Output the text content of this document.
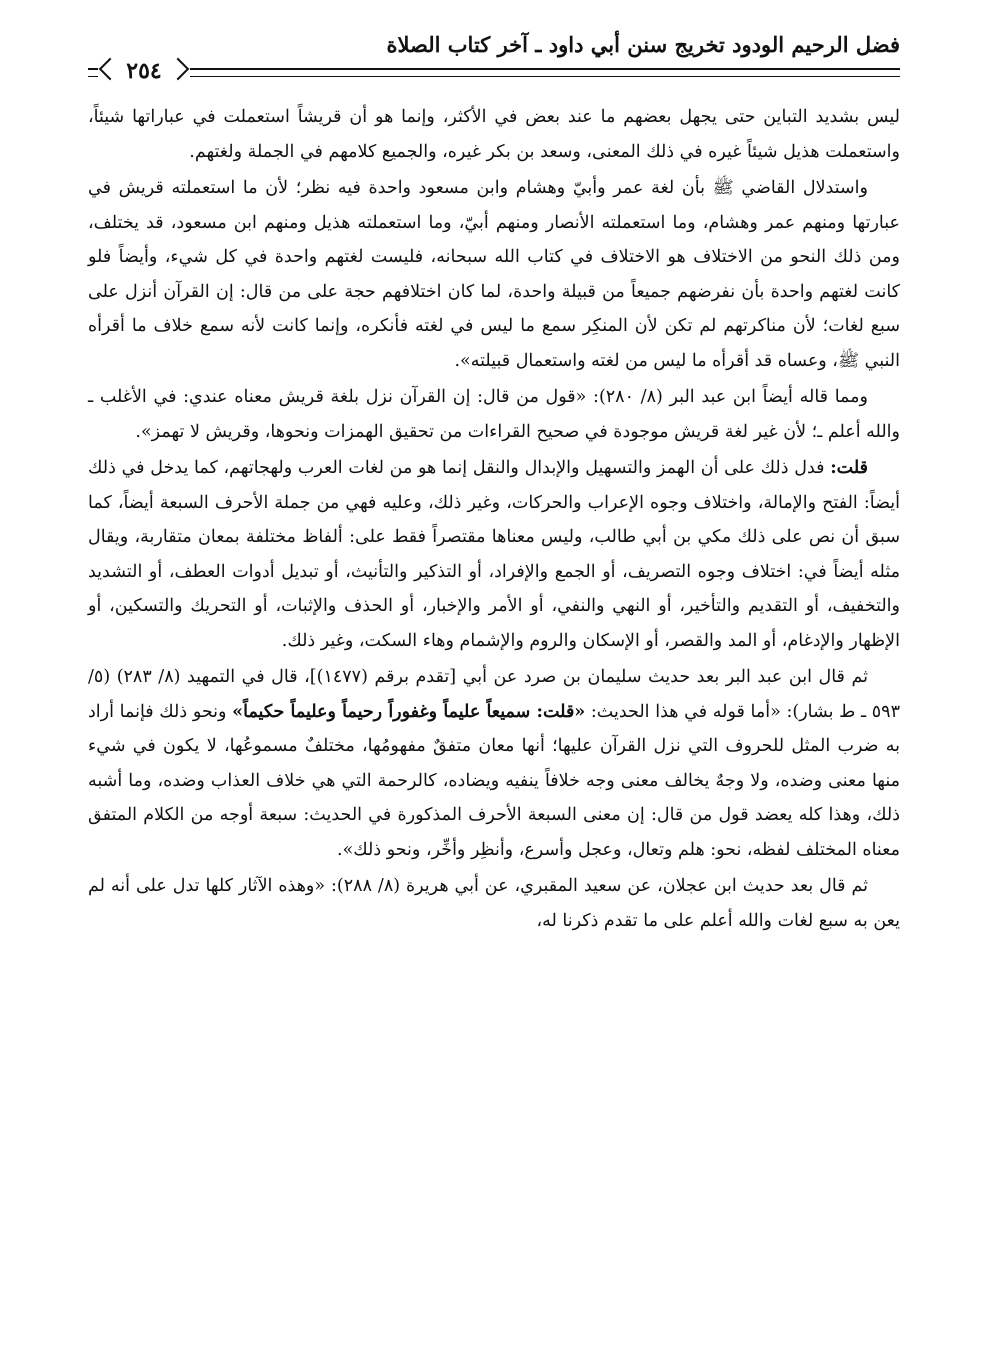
فضل الرحيم الودود تخريج سنن أبي داود ـ آخر كتاب الصلاة
٢٥٤

ليس بشديد التباين حتى يجهل بعضهم ما عند بعض في الأكثر، وإنما هو أن قريشاً استعملت في عباراتها شيئاً، واستعملت هذيل شيئاً غيره في ذلك المعنى، وسعد بن بكر غيره، والجميع كلامهم في الجملة ولغتهم.

واستدلال القاضي ﷺ بأن لغة عمر وأبيّ وهشام وابن مسعود واحدة فيه نظر؛ لأن ما استعملته قريش في عبارتها ومنهم عمر وهشام، وما استعملته الأنصار ومنهم أبيّ، وما استعملته هذيل ومنهم ابن مسعود، قد يختلف، ومن ذلك النحو من الاختلاف هو الاختلاف في كتاب الله سبحانه، فليست لغتهم واحدة في كل شيء، وأيضاً فلو كانت لغتهم واحدة بأن نفرضهم جميعاً من قبيلة واحدة، لما كان اختلافهم حجة على من قال: إن القرآن أنزل على سبع لغات؛ لأن مناكرتهم لم تكن لأن المنكِر سمع ما ليس في لغته فأنكره، وإنما كانت لأنه سمع خلاف ما أقرأه النبي ﷺ، وعساه قد أقرأه ما ليس من لغته واستعمال قبيلته».

ومما قاله أيضاً ابن عبد البر (٨/ ٢٨٠): «قول من قال: إن القرآن نزل بلغة قريش معناه عندي: في الأغلب ـ والله أعلم ـ؛ لأن غير لغة قريش موجودة في صحيح القراءات من تحقيق الهمزات ونحوها، وقريش لا تهمز».

قلت: فدل ذلك على أن الهمز والتسهيل والإبدال والنقل إنما هو من لغات العرب ولهجاتهم، كما يدخل في ذلك أيضاً: الفتح والإمالة، واختلاف وجوه الإعراب والحركات، وغير ذلك، وعليه فهي من جملة الأحرف السبعة أيضاً، كما سبق أن نص على ذلك مكي بن أبي طالب، وليس معناها مقتصراً فقط على: ألفاظ مختلفة بمعان متقاربة، ويقال مثله أيضاً في: اختلاف وجوه التصريف، أو الجمع والإفراد، أو التذكير والتأنيث، أو تبديل أدوات العطف، أو التشديد والتخفيف، أو التقديم والتأخير، أو النهي والنفي، أو الأمر والإخبار، أو الحذف والإثبات، أو التحريك والتسكين، أو الإظهار والإدغام، أو المد والقصر، أو الإسكان والروم والإشمام وهاء السكت، وغير ذلك.

ثم قال ابن عبد البر بعد حديث سليمان بن صرد عن أبي [تقدم برقم (١٤٧٧)]، قال في التمهيد (٨/ ٢٨٣) (٥/ ٥٩٣ ـ ط بشار): «أما قوله في هذا الحديث: «قلت: سميعاً عليماً وغفوراً رحيماً وعليماً حكيماً» ونحو ذلك فإنما أراد به ضرب المثل للحروف التي نزل القرآن عليها؛ أنها معان متفقٌ مفهومُها، مختلفٌ مسموعُها، لا يكون في شيء منها معنى وضده، ولا وجهٌ يخالف معنى وجه خلافاً ينفيه ويضاده، كالرحمة التي هي خلاف العذاب وضده، وما أشبه ذلك، وهذا كله يعضد قول من قال: إن معنى السبعة الأحرف المذكورة في الحديث: سبعة أوجه من الكلام المتفق معناه المختلف لفظه، نحو: هلم وتعال، وعجل وأسرع، وأنظِر وأخِّر، ونحو ذلك».

ثم قال بعد حديث ابن عجلان، عن سعيد المقبري، عن أبي هريرة (٨/ ٢٨٨): «وهذه الآثار كلها تدل على أنه لم يعن به سبع لغات والله أعلم على ما تقدم ذكرنا له،
